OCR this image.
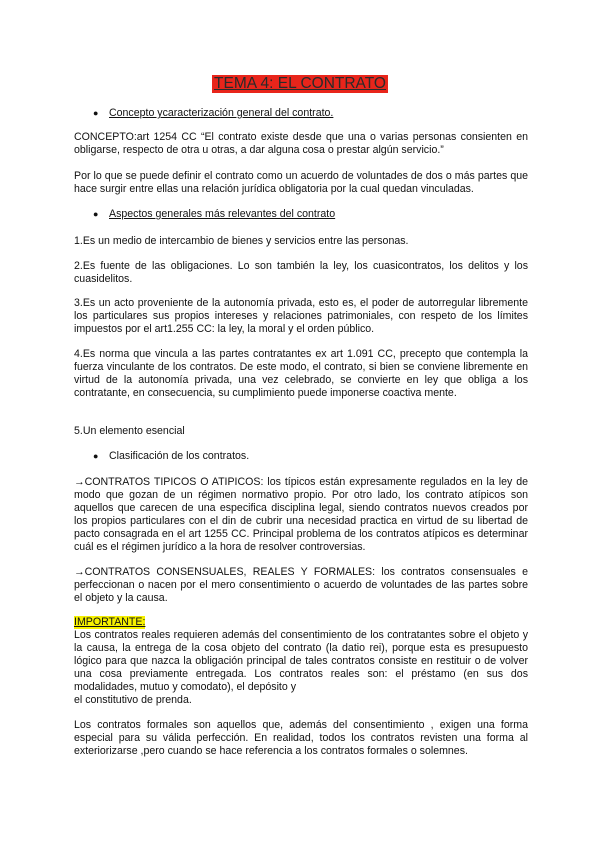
TEMA 4: EL CONTRATO
● Concepto ycaracterización general del contrato.

CONCEPTO:art 1254 CC “El contrato existe desde que una o varias personas consienten en obligarse, respecto de otra u otras, a dar alguna cosa o prestar algún servicio.”

Por lo que se puede definir el contrato como un acuerdo de voluntades de dos o más partes que hace surgir entre ellas una relación jurídica obligatoria por la cual quedan vinculadas.

● Aspectos generales más relevantes del contrato

1.Es un medio de intercambio de bienes y servicios entre las personas.

2.Es fuente de las obligaciones. Lo son también la ley, los cuasicontratos, los delitos y los cuasidelitos.

3.Es un acto proveniente de la autonomía privada, esto es, el poder de autorregular libremente los particulares sus propios intereses y relaciones patrimoniales, con respeto de los límites impuestos por el art1.255 CC: la ley, la moral y el orden público.

4.Es norma que vincula a las partes contratantes ex art 1.091 CC, precepto que contempla la fuerza vinculante de los contratos. De este modo, el contrato, si bien se conviene libremente en virtud de la autonomía privada, una vez celebrado, se convierte en ley que obliga a los contratante, en consecuencia, su cumplimiento puede imponerse coactiva mente.

5.Un elemento esencial

● Clasificación de los contratos.

→CONTRATOS TIPICOS O ATIPICOS: los típicos están expresamente regulados en la ley de modo que gozan de un régimen normativo propio. Por otro lado, los contrato atípicos son aquellos que carecen de una especifica disciplina legal, siendo contratos nuevos creados por los propios particulares con el din de cubrir una necesidad practica en virtud de su libertad de pacto consagrada en el art 1255 CC. Principal problema de los contratos atípicos es determinar cuál es el régimen jurídico a la hora de resolver controversias.

→CONTRATOS CONSENSUALES, REALES Y FORMALES: los contratos consensuales e perfeccionan o nacen por el mero consentimiento o acuerdo de voluntades de las partes sobre el objeto y la causa.

IMPORTANTE:

Los contratos reales requieren además del consentimiento de los contratantes sobre el objeto y la causa, la entrega de la cosa objeto del contrato (la datio rei), porque esta es presupuesto lógico para que nazca la obligación principal de tales contratos consiste en restituir o de volver una cosa previamente entregada. Los contratos reales son: el préstamo (en sus dos modalidades, mutuo y comodato), el depósito y

el constitutivo de prenda.

Los contratos formales son aquellos que, además del consentimiento , exigen una forma especial para su válida perfección. En realidad, todos los contratos revisten una forma al exteriorizarse ,pero cuando se hace referencia a los contratos formales o solemnes.
